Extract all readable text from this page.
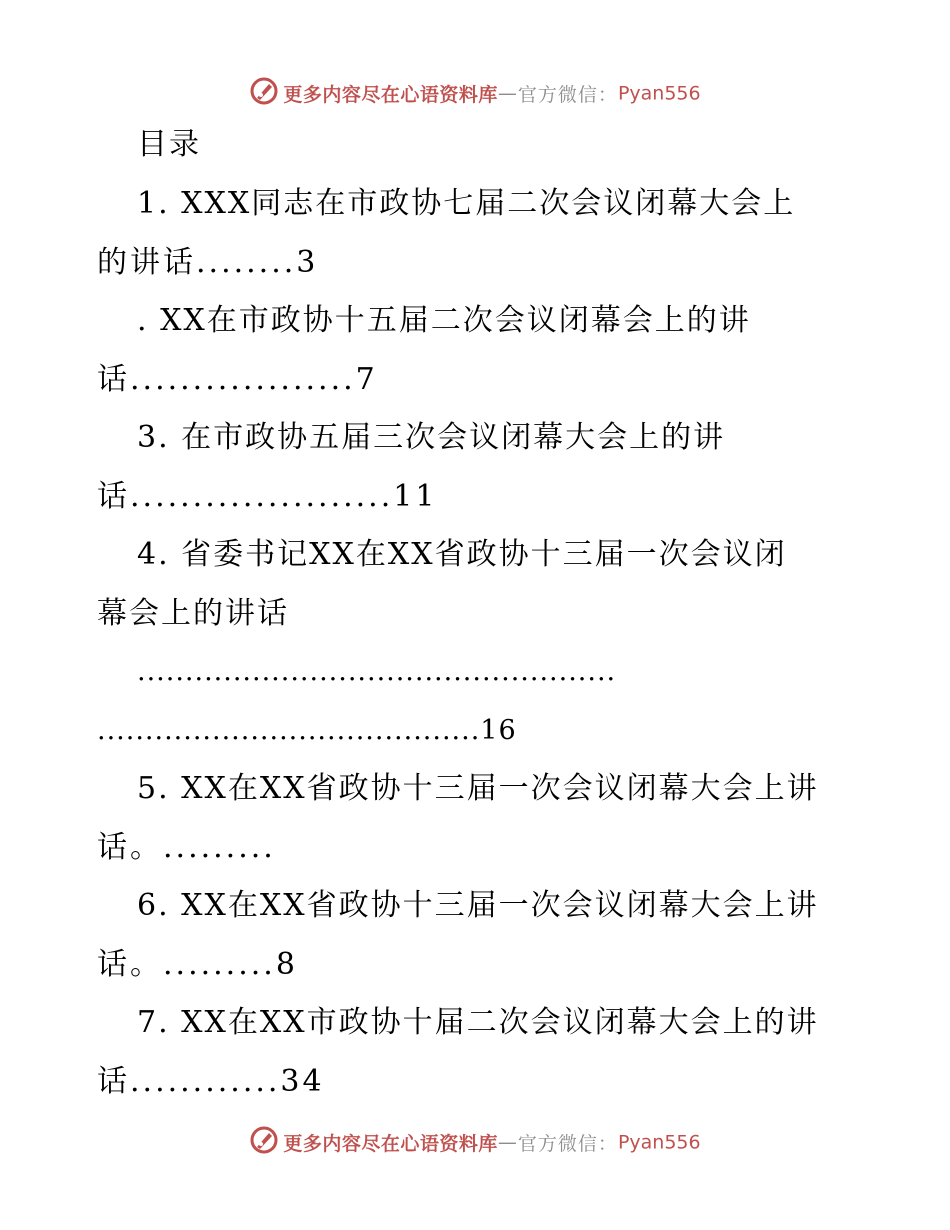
更多内容尽在心语资料库—官方微信：Pyan556
目录
1. XXX同志在市政协七届二次会议闭幕大会上
的讲话........3
. XX在市政协十五届二次会议闭幕会上的讲
话..................7
3. 在市政协五届三次会议闭幕大会上的讲
话.....................11
4. 省委书记XX在XX省政协十三届一次会议闭
幕会上的讲话
..................................................
........................................16
5. XX在XX省政协十三届一次会议闭幕大会上讲
话。.........
6. XX在XX省政协十三届一次会议闭幕大会上讲
话。.........8
7. XX在XX市政协十届二次会议闭幕大会上的讲
话............34
更多内容尽在心语资料库—官方微信：Pyan556
